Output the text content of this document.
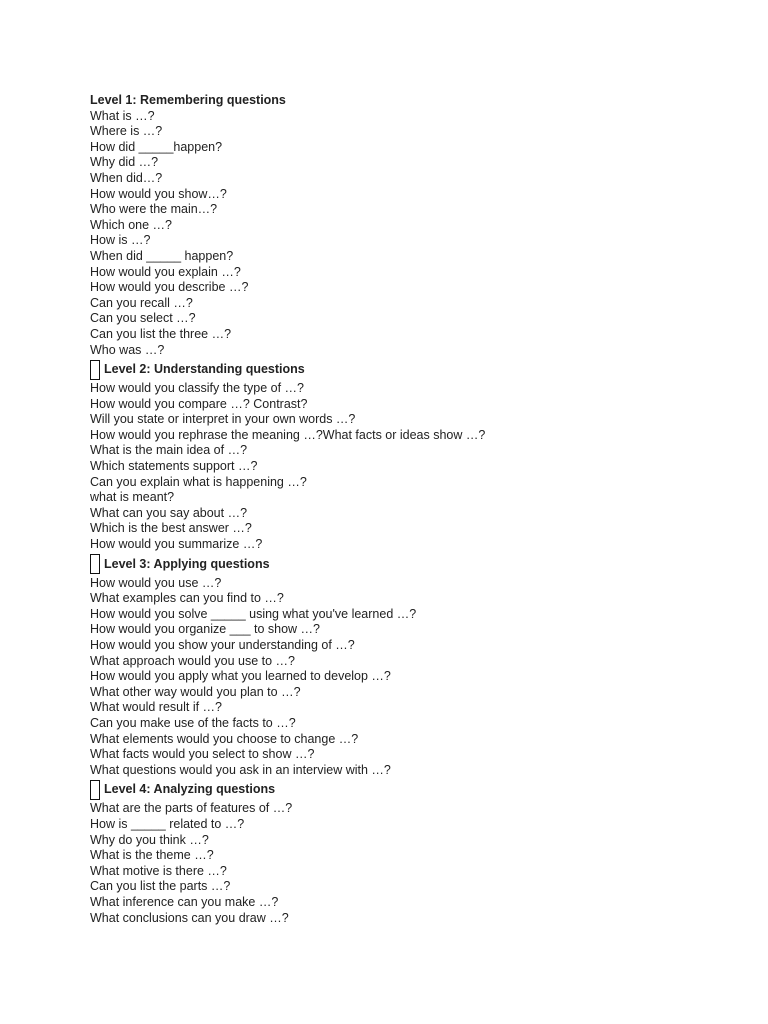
Level 1: Remembering questions
What is …?
Where is …?
How did _____happen?
Why did …?
When did…?
How would you show…?
Who were the main…?
Which one …?
How is …?
When did _____ happen?
How would you explain …?
How would you describe …?
Can you recall …?
Can you select …?
Can you list the three …?
Who was …?
Level 2: Understanding questions
How would you classify the type of …?
How would you compare …? Contrast?
Will you state or interpret in your own words …?
How would you rephrase the meaning …?What facts or ideas show …?
What is the main idea of …?
Which statements support …?
Can you explain what is happening …?
what is meant?
What can you say about …?
Which is the best answer …?
How would you summarize …?
Level 3: Applying questions
How would you use …?
What examples can you find to …?
How would you solve _____ using what you've learned …?
How would you organize ___ to show …?
How would you show your understanding of …?
What approach would you use to …?
How would you apply what you learned to develop …?
What other way would you plan to …?
What would result if …?
Can you make use of the facts to …?
What elements would you choose to change …?
What facts would you select to show …?
What questions would you ask in an interview with …?
Level 4: Analyzing questions
What are the parts of features of …?
How is _____ related to …?
Why do you think …?
What is the theme …?
What motive is there …?
Can you list the parts …?
What inference can you make …?
What conclusions can you draw …?
